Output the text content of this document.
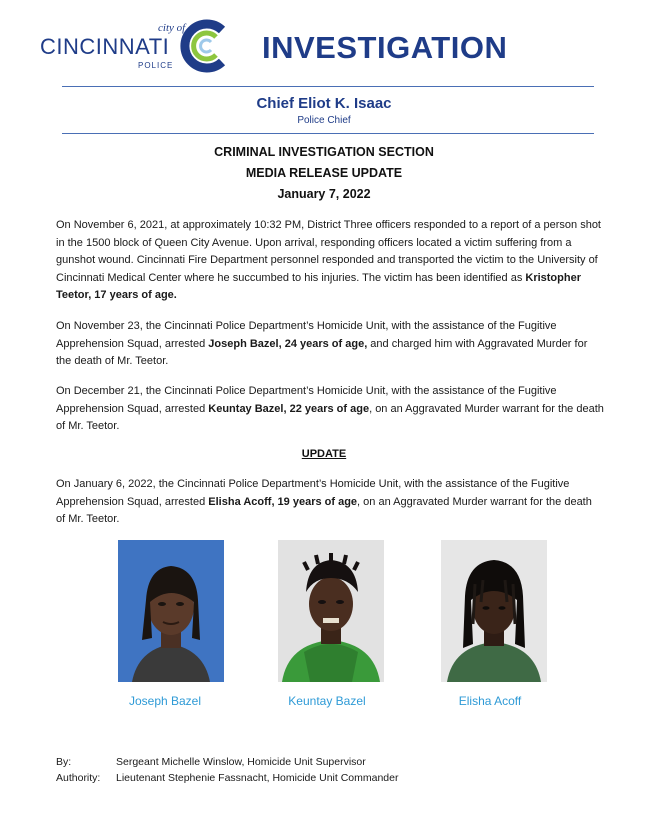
city of
CINCINNATI
POLICE
INVESTIGATION
Chief Eliot K. Isaac
Police Chief
CRIMINAL INVESTIGATION SECTION
MEDIA RELEASE UPDATE
January 7, 2022
On November 6, 2021, at approximately 10:32 PM, District Three officers responded to a report of a person shot in the 1500 block of Queen City Avenue. Upon arrival, responding officers located a victim suffering from a gunshot wound. Cincinnati Fire Department personnel responded and transported the victim to the University of Cincinnati Medical Center where he succumbed to his injuries. The victim has been identified as Kristopher Teetor, 17 years of age.
On November 23, the Cincinnati Police Department’s Homicide Unit, with the assistance of the Fugitive Apprehension Squad, arrested Joseph Bazel, 24 years of age, and charged him with Aggravated Murder for the death of Mr. Teetor.
On December 21, the Cincinnati Police Department’s Homicide Unit, with the assistance of the Fugitive Apprehension Squad, arrested Keuntay Bazel, 22 years of age, on an Aggravated Murder warrant for the death of Mr. Teetor.
UPDATE
On January 6, 2022, the Cincinnati Police Department’s Homicide Unit, with the assistance of the Fugitive Apprehension Squad, arrested Elisha Acoff, 19 years of age, on an Aggravated Murder warrant for the death of Mr. Teetor.
Joseph Bazel	Keuntay Bazel	Elisha Acoff
By:	Sergeant Michelle Winslow, Homicide Unit Supervisor
Authority: Lieutenant Stephenie Fassnacht, Homicide Unit Commander
